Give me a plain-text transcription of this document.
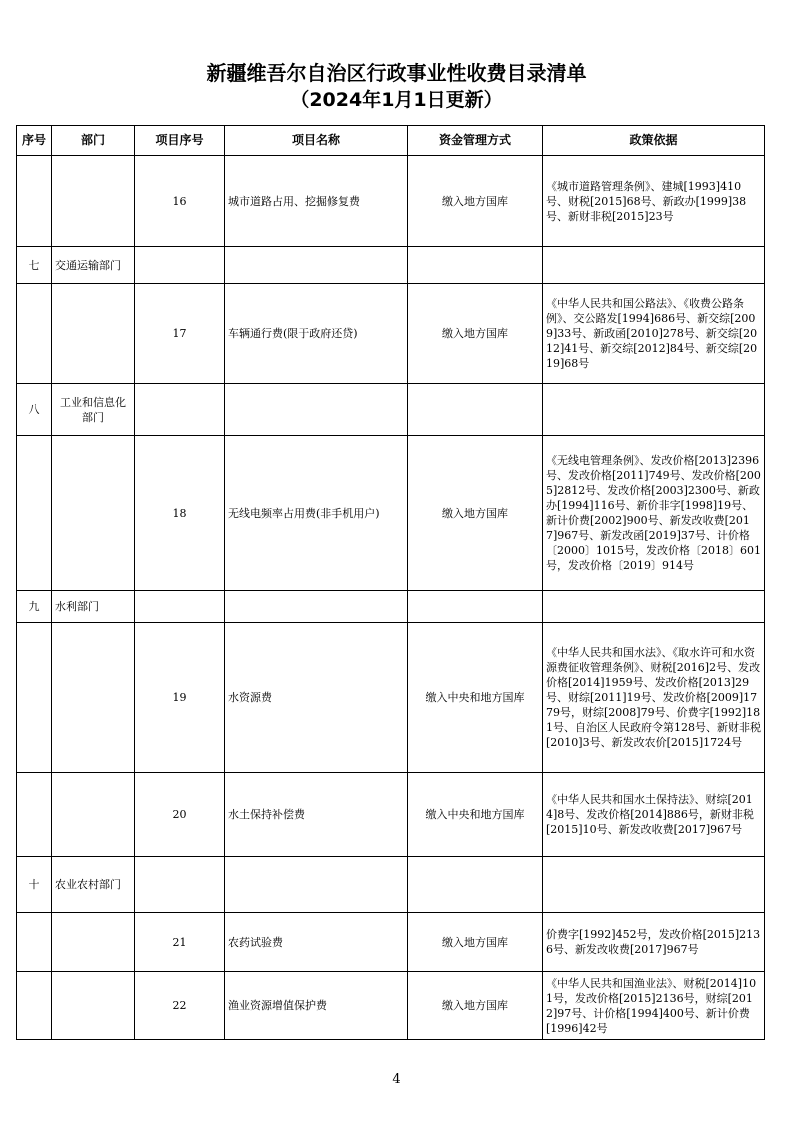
新疆维吾尔自治区行政事业性收费目录清单
（2024年1月1日更新）
序号	部门	项目序号	项目名称	资金管理方式	政策依据
		16	城市道路占用、挖掘修复费	缴入地方国库	《城市道路管理条例》、建城[1993]410号、财税[2015]68号、新政办[1999]38号、新财非税[2015]23号
七	交通运输部门				
		17	车辆通行费(限于政府还贷)	缴入地方国库	《中华人民共和国公路法》、《收费公路条例》、交公路发[1994]686号、新交综[2009]33号、新政函[2010]278号、新交综[2012]41号、新交综[2012]84号、新交综[2019]68号
八	工业和信息化部门				
		18	无线电频率占用费(非手机用户)	缴入地方国库	《无线电管理条例》、发改价格[2013]2396号、发改价格[2011]749号、发改价格[2005]2812号、发改价格[2003]2300号、新政办[1994]116号、新价非字[1998]19号、新计价费[2002]900号、新发改收费[2017]967号、新发改函[2019]37号、计价格〔2000〕1015号，发改价格〔2018〕601号，发改价格〔2019〕914号
九	水利部门				
		19	水资源费	缴入中央和地方国库	《中华人民共和国水法》、《取水许可和水资源费征收管理条例》、财税[2016]2号、发改价格[2014]1959号、发改价格[2013]29号、财综[2011]19号、发改价格[2009]1779号，财综[2008]79号、价费字[1992]181号、自治区人民政府令第128号、新财非税[2010]3号、新发改农价[2015]1724号
		20	水土保持补偿费	缴入中央和地方国库	《中华人民共和国水土保持法》、财综[2014]8号、发改价格[2014]886号，新财非税[2015]10号、新发改收费[2017]967号
十	农业农村部门				
		21	农药试验费	缴入地方国库	价费字[1992]452号，发改价格[2015]2136号、新发改收费[2017]967号
		22	渔业资源增值保护费	缴入地方国库	《中华人民共和国渔业法》、财税[2014]101号，发改价格[2015]2136号，财综[2012]97号、计价格[1994]400号、新计价费[1996]42号
4
